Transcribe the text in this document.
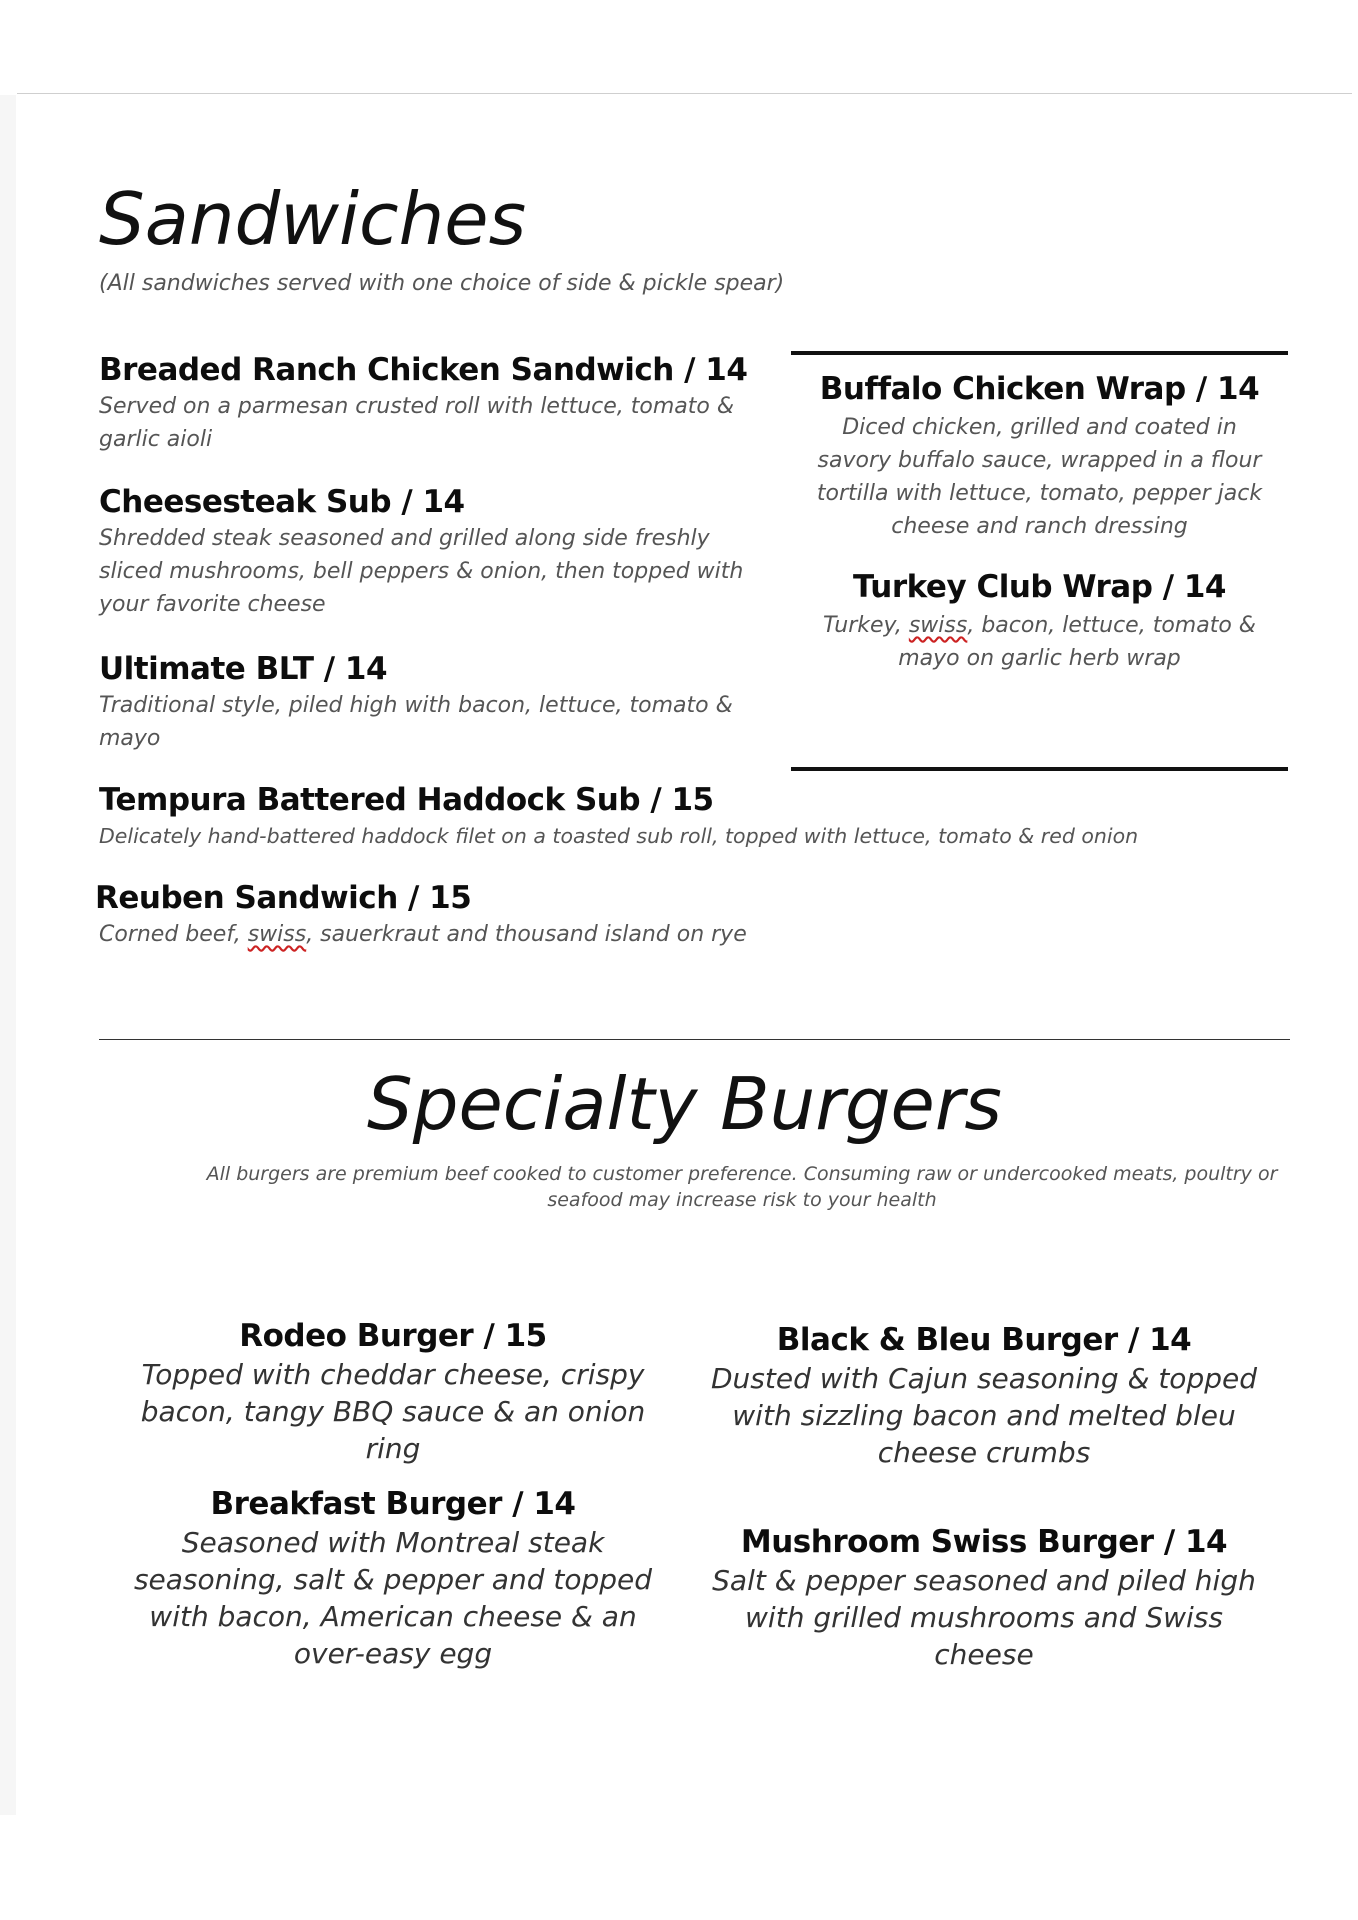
Sandwiches
(All sandwiches served with one choice of side & pickle spear)
Breaded Ranch Chicken Sandwich / 14
Served on a parmesan crusted roll with lettuce, tomato & garlic aioli
Cheesesteak Sub / 14
Shredded steak seasoned and grilled along side freshly sliced mushrooms, bell peppers & onion, then topped with your favorite cheese
Ultimate BLT / 14
Traditional style, piled high with bacon, lettuce, tomato & mayo
Tempura Battered Haddock Sub / 15
Delicately hand-battered haddock filet on a toasted sub roll, topped with lettuce, tomato & red onion
Reuben Sandwich / 15
Corned beef, swiss, sauerkraut and thousand island on rye
Buffalo Chicken Wrap / 14
Diced chicken, grilled and coated in savory buffalo sauce, wrapped in a flour tortilla with lettuce, tomato, pepper jack cheese and ranch dressing
Turkey Club Wrap / 14
Turkey, swiss, bacon, lettuce, tomato & mayo on garlic herb wrap
Specialty Burgers
All burgers are premium beef cooked to customer preference. Consuming raw or undercooked meats, poultry or seafood may increase risk to your health
Rodeo Burger / 15
Topped with cheddar cheese, crispy bacon, tangy BBQ sauce & an onion ring
Black & Bleu Burger / 14
Dusted with Cajun seasoning & topped with sizzling bacon and melted bleu cheese crumbs
Breakfast Burger / 14
Seasoned with Montreal steak seasoning, salt & pepper and topped with bacon, American cheese & an over-easy egg
Mushroom Swiss Burger / 14
Salt & pepper seasoned and piled high with grilled mushrooms and Swiss cheese
